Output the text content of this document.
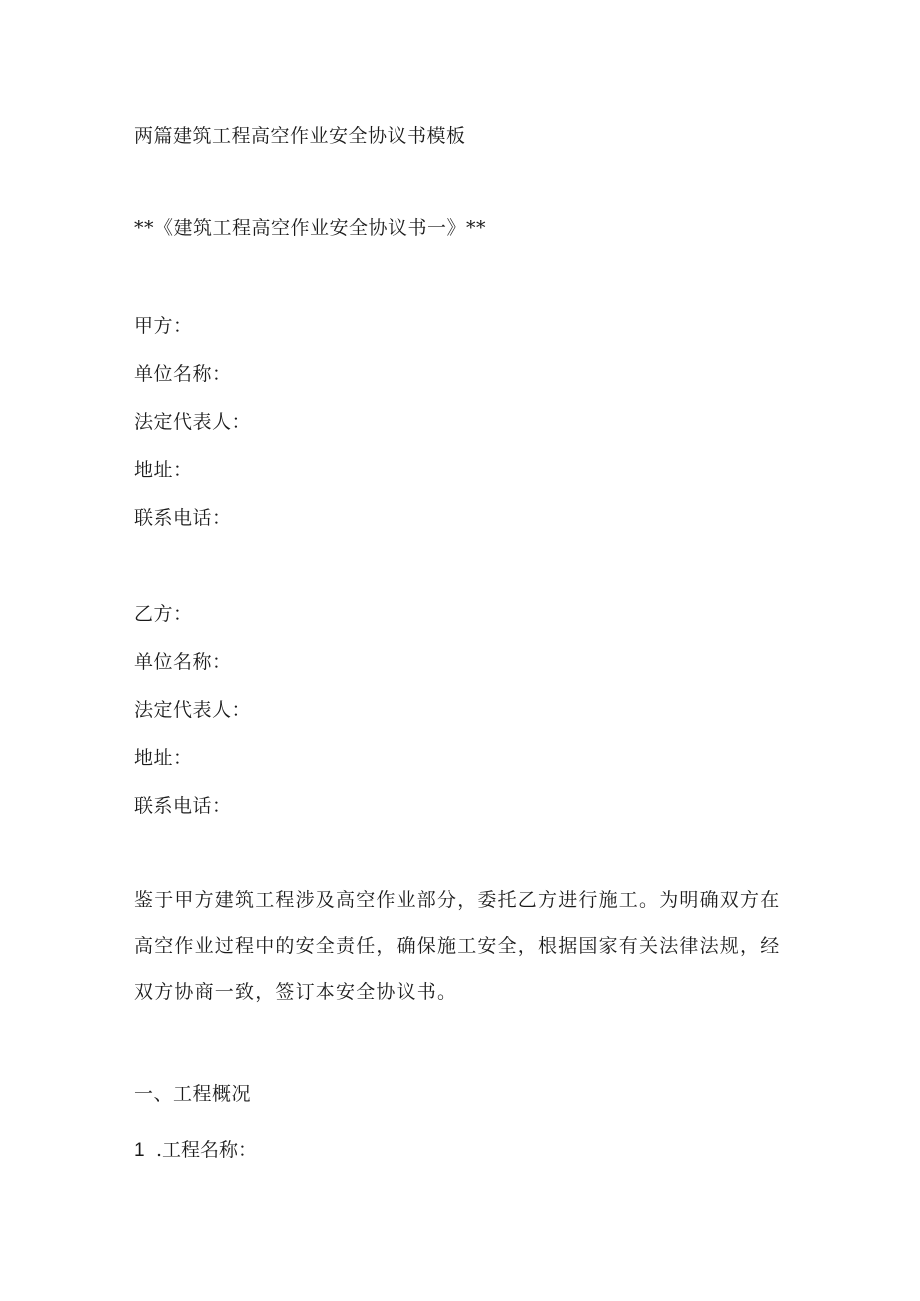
两篇建筑工程高空作业安全协议书模板
**《建筑工程高空作业安全协议书一》**
甲方：
单位名称：
法定代表人：
地址：
联系电话：
乙方：
单位名称：
法定代表人：
地址：
联系电话：
鉴于甲方建筑工程涉及高空作业部分，委托乙方进行施工。为明确双方在高空作业过程中的安全责任，确保施工安全，根据国家有关法律法规，经双方协商一致，签订本安全协议书。
一、工程概况
1 .工程名称：
